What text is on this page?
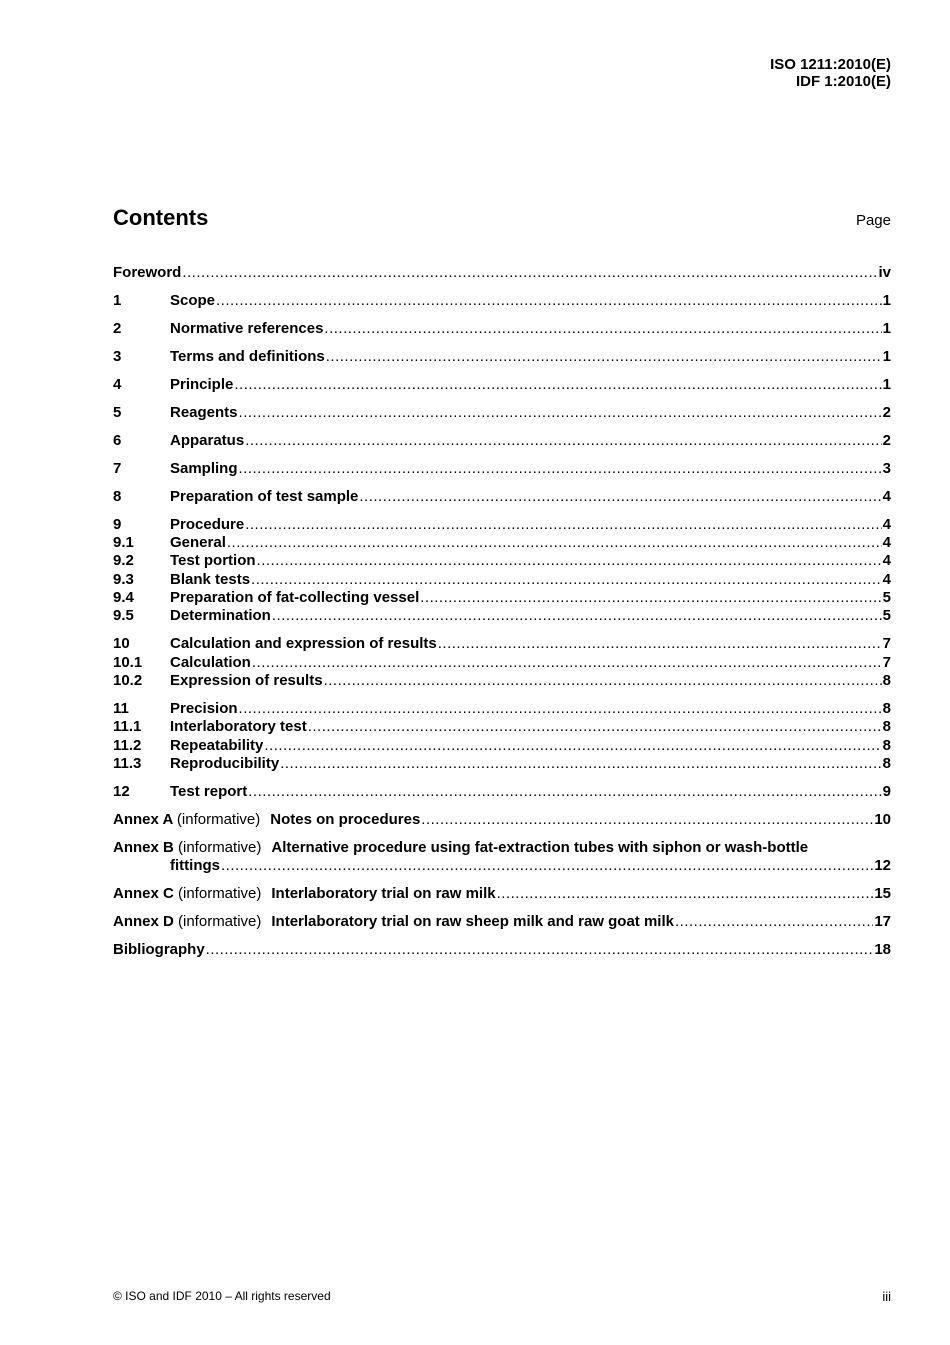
ISO 1211:2010(E)
IDF 1:2010(E)
Contents	Page
Foreword .....	iv
1	Scope .....	1
2	Normative references .....	1
3	Terms and definitions .....	1
4	Principle .....	1
5	Reagents .....	2
6	Apparatus .....	2
7	Sampling .....	3
8	Preparation of test sample .....	4
9	Procedure .....	4
9.1	General .....	4
9.2	Test portion .....	4
9.3	Blank tests .....	4
9.4	Preparation of fat-collecting vessel .....	5
9.5	Determination .....	5
10	Calculation and expression of results .....	7
10.1	Calculation .....	7
10.2	Expression of results .....	8
11	Precision .....	8
11.1	Interlaboratory test .....	8
11.2	Repeatability .....	8
11.3	Reproducibility .....	8
12	Test report .....	9
Annex A (informative) Notes on procedures .....	10
Annex B (informative) Alternative procedure using fat-extraction tubes with siphon or wash-bottle
fittings .....	12
Annex C (informative) Interlaboratory trial on raw milk .....	15
Annex D (informative) Interlaboratory trial on raw sheep milk and raw goat milk .....	17
Bibliography .....	18
© ISO and IDF 2010 – All rights reserved	iii
